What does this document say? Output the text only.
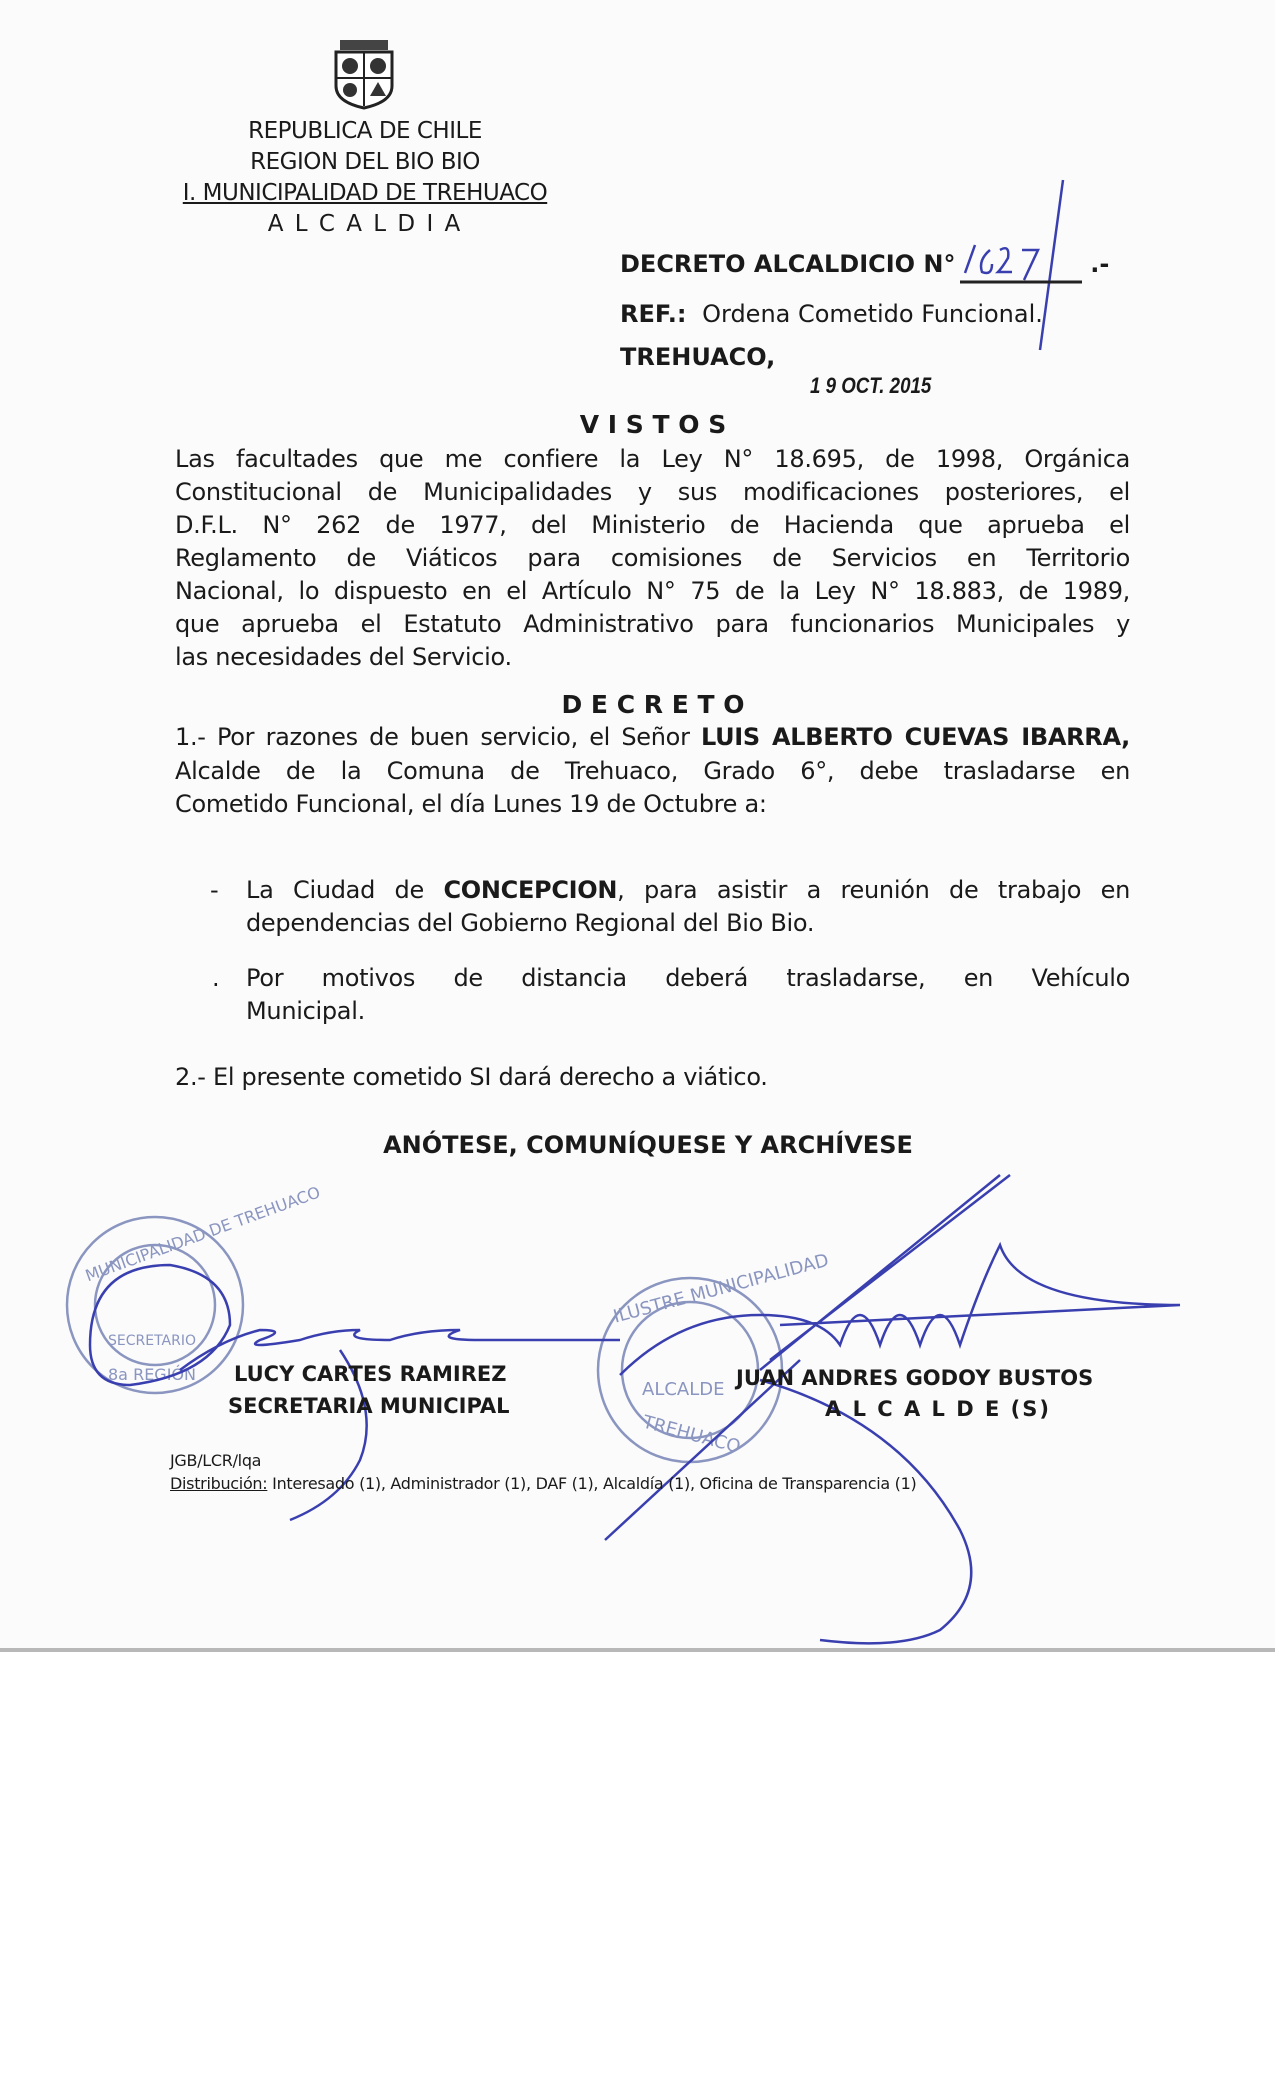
MUNICIPALIDAD DE TREHUACO
SECRETARIO
8a REGIÓN
ILUSTRE MUNICIPALIDAD
ALCALDE
TREHUACO
REPUBLICA DE CHILE
REGION DEL BIO BIO
I. MUNICIPALIDAD DE TREHUACO
A L C A L D I A
DECRETO ALCALDICIO N°	.-
REF.: Ordena Cometido Funcional.
TREHUACO,
1 9 OCT. 2015
V I S T O S
Las facultades que me confiere la Ley N° 18.695, de 1998, Orgánica
Constitucional de Municipalidades y sus modificaciones posteriores, el
D.F.L. N° 262 de 1977, del Ministerio de Hacienda que aprueba el
Reglamento de Viáticos para comisiones de Servicios en Territorio
Nacional, lo dispuesto en el Artículo N° 75 de la Ley N° 18.883, de 1989,
que aprueba el Estatuto Administrativo para funcionarios Municipales y
las necesidades del Servicio.
D E C R E T O
1.- Por razones de buen servicio, el Señor LUIS ALBERTO CUEVAS IBARRA,
Alcalde de la Comuna de Trehuaco, Grado 6°, debe trasladarse en
Cometido Funcional, el día Lunes 19 de Octubre a:
- La Ciudad de CONCEPCION, para asistir a reunión de trabajo en
dependencias del Gobierno Regional del Bio Bio.
. Por motivos de distancia deberá trasladarse, en Vehículo
Municipal.
2.- El presente cometido SI dará derecho a viático.
ANÓTESE, COMUNÍQUESE Y ARCHÍVESE
LUCY CARTES RAMIREZ
SECRETARIA MUNICIPAL
JUAN ANDRES GODOY BUSTOS
A L C A L D E (S)
JGB/LCR/lqa
Distribución: Interesado (1), Administrador (1), DAF (1), Alcaldía (1), Oficina de Transparencia (1)
